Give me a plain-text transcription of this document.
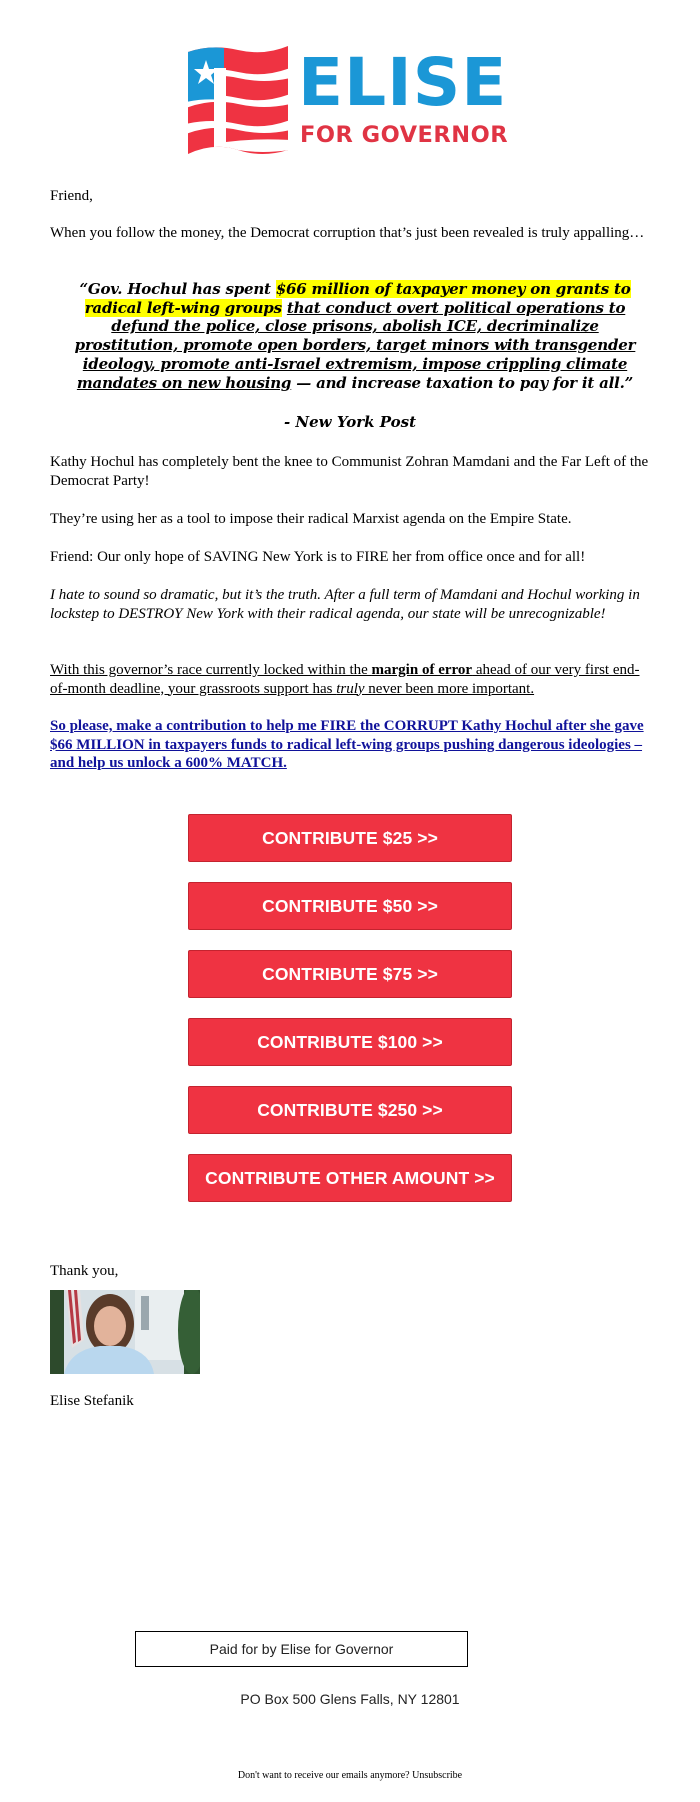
ELISE
FOR GOVERNOR

Friend,

When you follow the money, the Democrat corruption that’s just been revealed is truly appalling…

“Gov. Hochul has spent $66 million of taxpayer money on grants to radical left-wing groups that conduct overt political operations to defund the police, close prisons, abolish ICE, decriminalize prostitution, promote open borders, target minors with transgender ideology, promote anti-Israel extremism, impose crippling climate mandates on new housing — and increase taxation to pay for it all.”
- New York Post

Kathy Hochul has completely bent the knee to Communist Zohran Mamdani and the Far Left of the Democrat Party!

They’re using her as a tool to impose their radical Marxist agenda on the Empire State.

Friend: Our only hope of SAVING New York is to FIRE her from office once and for all!

I hate to sound so dramatic, but it’s the truth. After a full term of Mamdani and Hochul working in lockstep to DESTROY New York with their radical agenda, our state will be unrecognizable!

With this governor’s race currently locked within the margin of error ahead of our very first end-of-month deadline, your grassroots support has truly never been more important.

So please, make a contribution to help me FIRE the CORRUPT Kathy Hochul after she gave $66 MILLION in taxpayers funds to radical left-wing groups pushing dangerous ideologies – and help us unlock a 600% MATCH.
CONTRIBUTE $25 >>
CONTRIBUTE $50 >>
CONTRIBUTE $75 >>
CONTRIBUTE $100 >>
CONTRIBUTE $250 >>
CONTRIBUTE OTHER AMOUNT >>

Thank you,

Elise Stefanik

Paid for by Elise for Governor
PO Box 500 Glens Falls, NY 12801
Don't want to receive our emails anymore? Unsubscribe
